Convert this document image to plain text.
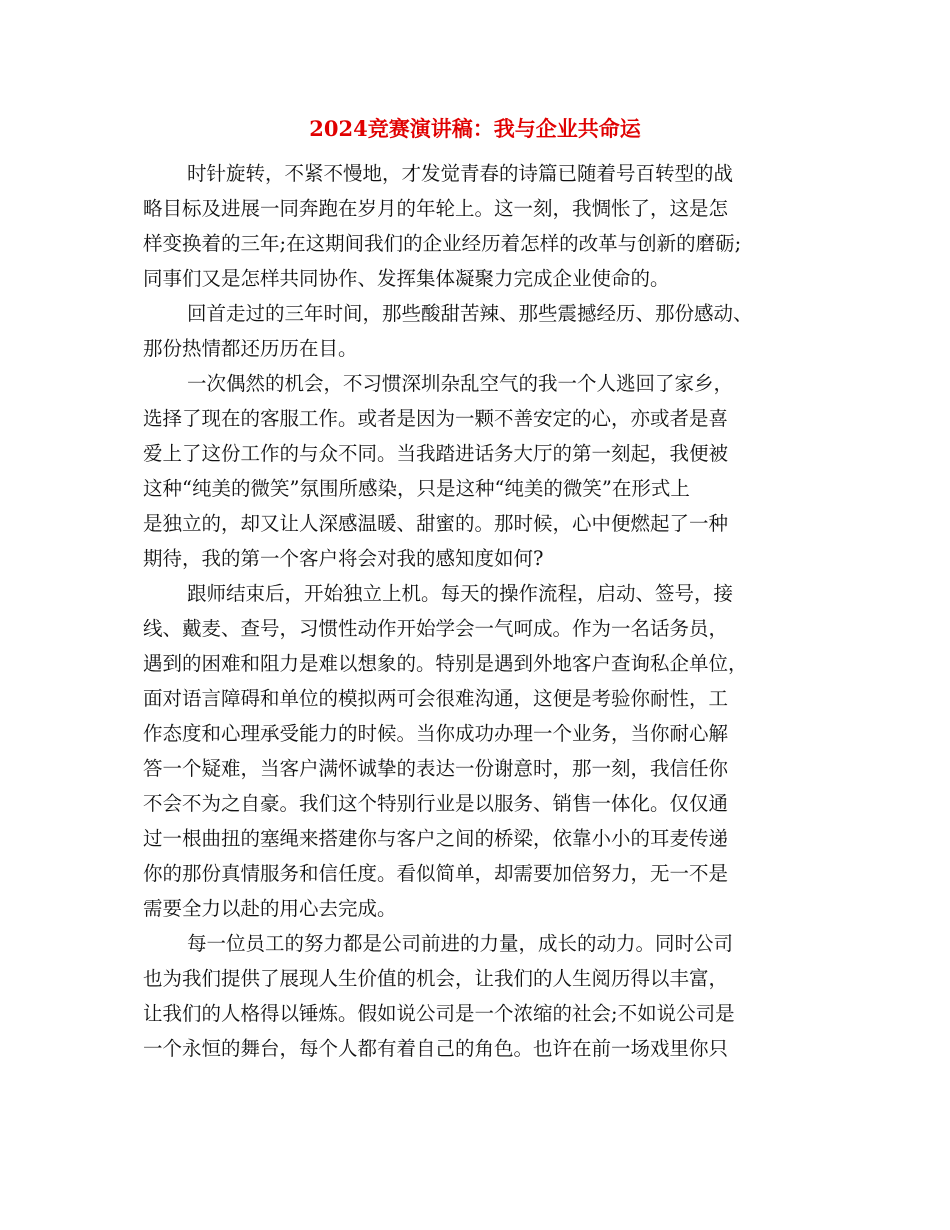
2024竞赛演讲稿：我与企业共命运
时针旋转，不紧不慢地，才发觉青春的诗篇已随着号百转型的战
略目标及进展一同奔跑在岁月的年轮上。这一刻，我惆怅了，这是怎
样变换着的三年;在这期间我们的企业经历着怎样的改革与创新的磨砺;
同事们又是怎样共同协作、发挥集体凝聚力完成企业使命的。
回首走过的三年时间，那些酸甜苦辣、那些震撼经历、那份感动、
那份热情都还历历在目。
一次偶然的机会，不习惯深圳杂乱空气的我一个人逃回了家乡，
选择了现在的客服工作。或者是因为一颗不善安定的心，亦或者是喜
爱上了这份工作的与众不同。当我踏进话务大厅的第一刻起，我便被
这种“纯美的微笑”氛围所感染，只是这种“纯美的微笑”在形式上
是独立的，却又让人深感温暖、甜蜜的。那时候，心中便燃起了一种
期待，我的第一个客户将会对我的感知度如何?
跟师结束后，开始独立上机。每天的操作流程，启动、签号，接
线、戴麦、查号，习惯性动作开始学会一气呵成。作为一名话务员，
遇到的困难和阻力是难以想象的。特别是遇到外地客户查询私企单位，
面对语言障碍和单位的模拟两可会很难沟通，这便是考验你耐性，工
作态度和心理承受能力的时候。当你成功办理一个业务，当你耐心解
答一个疑难，当客户满怀诚挚的表达一份谢意时，那一刻，我信任你
不会不为之自豪。我们这个特别行业是以服务、销售一体化。仅仅通
过一根曲扭的塞绳来搭建你与客户之间的桥梁，依靠小小的耳麦传递
你的那份真情服务和信任度。看似简单，却需要加倍努力，无一不是
需要全力以赴的用心去完成。
每一位员工的努力都是公司前进的力量，成长的动力。同时公司
也为我们提供了展现人生价值的机会，让我们的人生阅历得以丰富，
让我们的人格得以锤炼。假如说公司是一个浓缩的社会;不如说公司是
一个永恒的舞台，每个人都有着自己的角色。也许在前一场戏里你只
